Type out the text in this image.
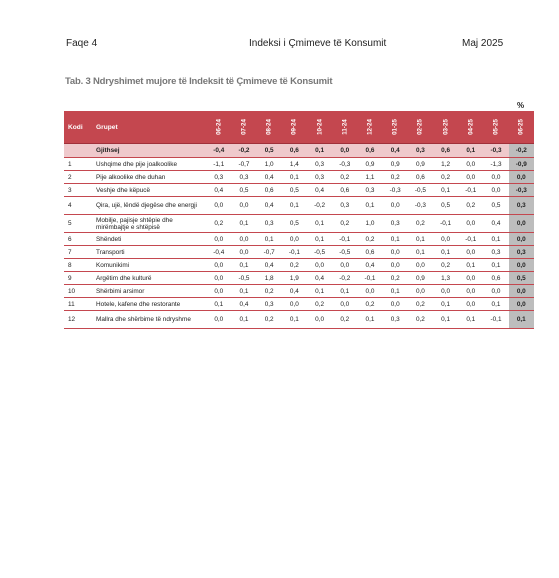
Faqe 4	Indeksi i Çmimeve të Konsumit	Maj 2025
Tab. 3 Ndryshimet mujore të Indeksit të Çmimeve të Konsumit
%
Kodi	Grupet	06-24	07-24	08-24	09-24	10-24	11-24	12-24	01-25	02-25	03-25	04-25	05-25	06-25

	Gjithsej	-0,4	-0,2	0,5	0,6	0,1	0,0	0,6	0,4	0,3	0,6	0,1	-0,3	-0,2
1	Ushqime dhe pije joalkoolike	-1,1	-0,7	1,0	1,4	0,3	-0,3	0,9	0,9	0,9	1,2	0,0	-1,3	-0,9
2	Pije alkoolike dhe duhan	0,3	0,3	0,4	0,1	0,3	0,2	1,1	0,2	0,6	0,2	0,0	0,0	0,0
3	Veshje dhe këpucë	0,4	0,5	0,6	0,5	0,4	0,6	0,3	-0,3	-0,5	0,1	-0,1	0,0	-0,3
4	Qira, ujë, lëndë djegëse dhe energji	0,0	0,0	0,4	0,1	-0,2	0,3	0,1	0,0	-0,3	0,5	0,2	0,5	0,3
5	Mobilje, pajisje shtëpie dhe mirëmbajtje e shtëpisë	0,2	0,1	0,3	0,5	0,1	0,2	1,0	0,3	0,2	-0,1	0,0	0,4	0,0
6	Shëndeti	0,0	0,0	0,1	0,0	0,1	-0,1	0,2	0,1	0,1	0,0	-0,1	0,1	0,0
7	Transporti	-0,4	0,0	-0,7	-0,1	-0,5	-0,5	0,6	0,0	0,1	0,1	0,0	0,3	0,3
8	Komunikimi	0,0	0,1	0,4	0,2	0,0	0,0	0,4	0,0	0,0	0,2	0,1	0,1	0,0
9	Argëtim dhe kulturë	0,0	-0,5	1,8	1,9	0,4	-0,2	-0,1	0,2	0,9	1,3	0,0	0,6	0,5
10	Shërbimi arsimor	0,0	0,1	0,2	0,4	0,1	0,1	0,0	0,1	0,0	0,0	0,0	0,0	0,0
11	Hotele, kafene dhe restorante	0,1	0,4	0,3	0,0	0,2	0,0	0,2	0,0	0,2	0,1	0,0	0,1	0,0
12	Mallra dhe shërbime të ndryshme	0,0	0,1	0,2	0,1	0,0	0,2	0,1	0,3	0,2	0,1	0,1	-0,1	0,1
